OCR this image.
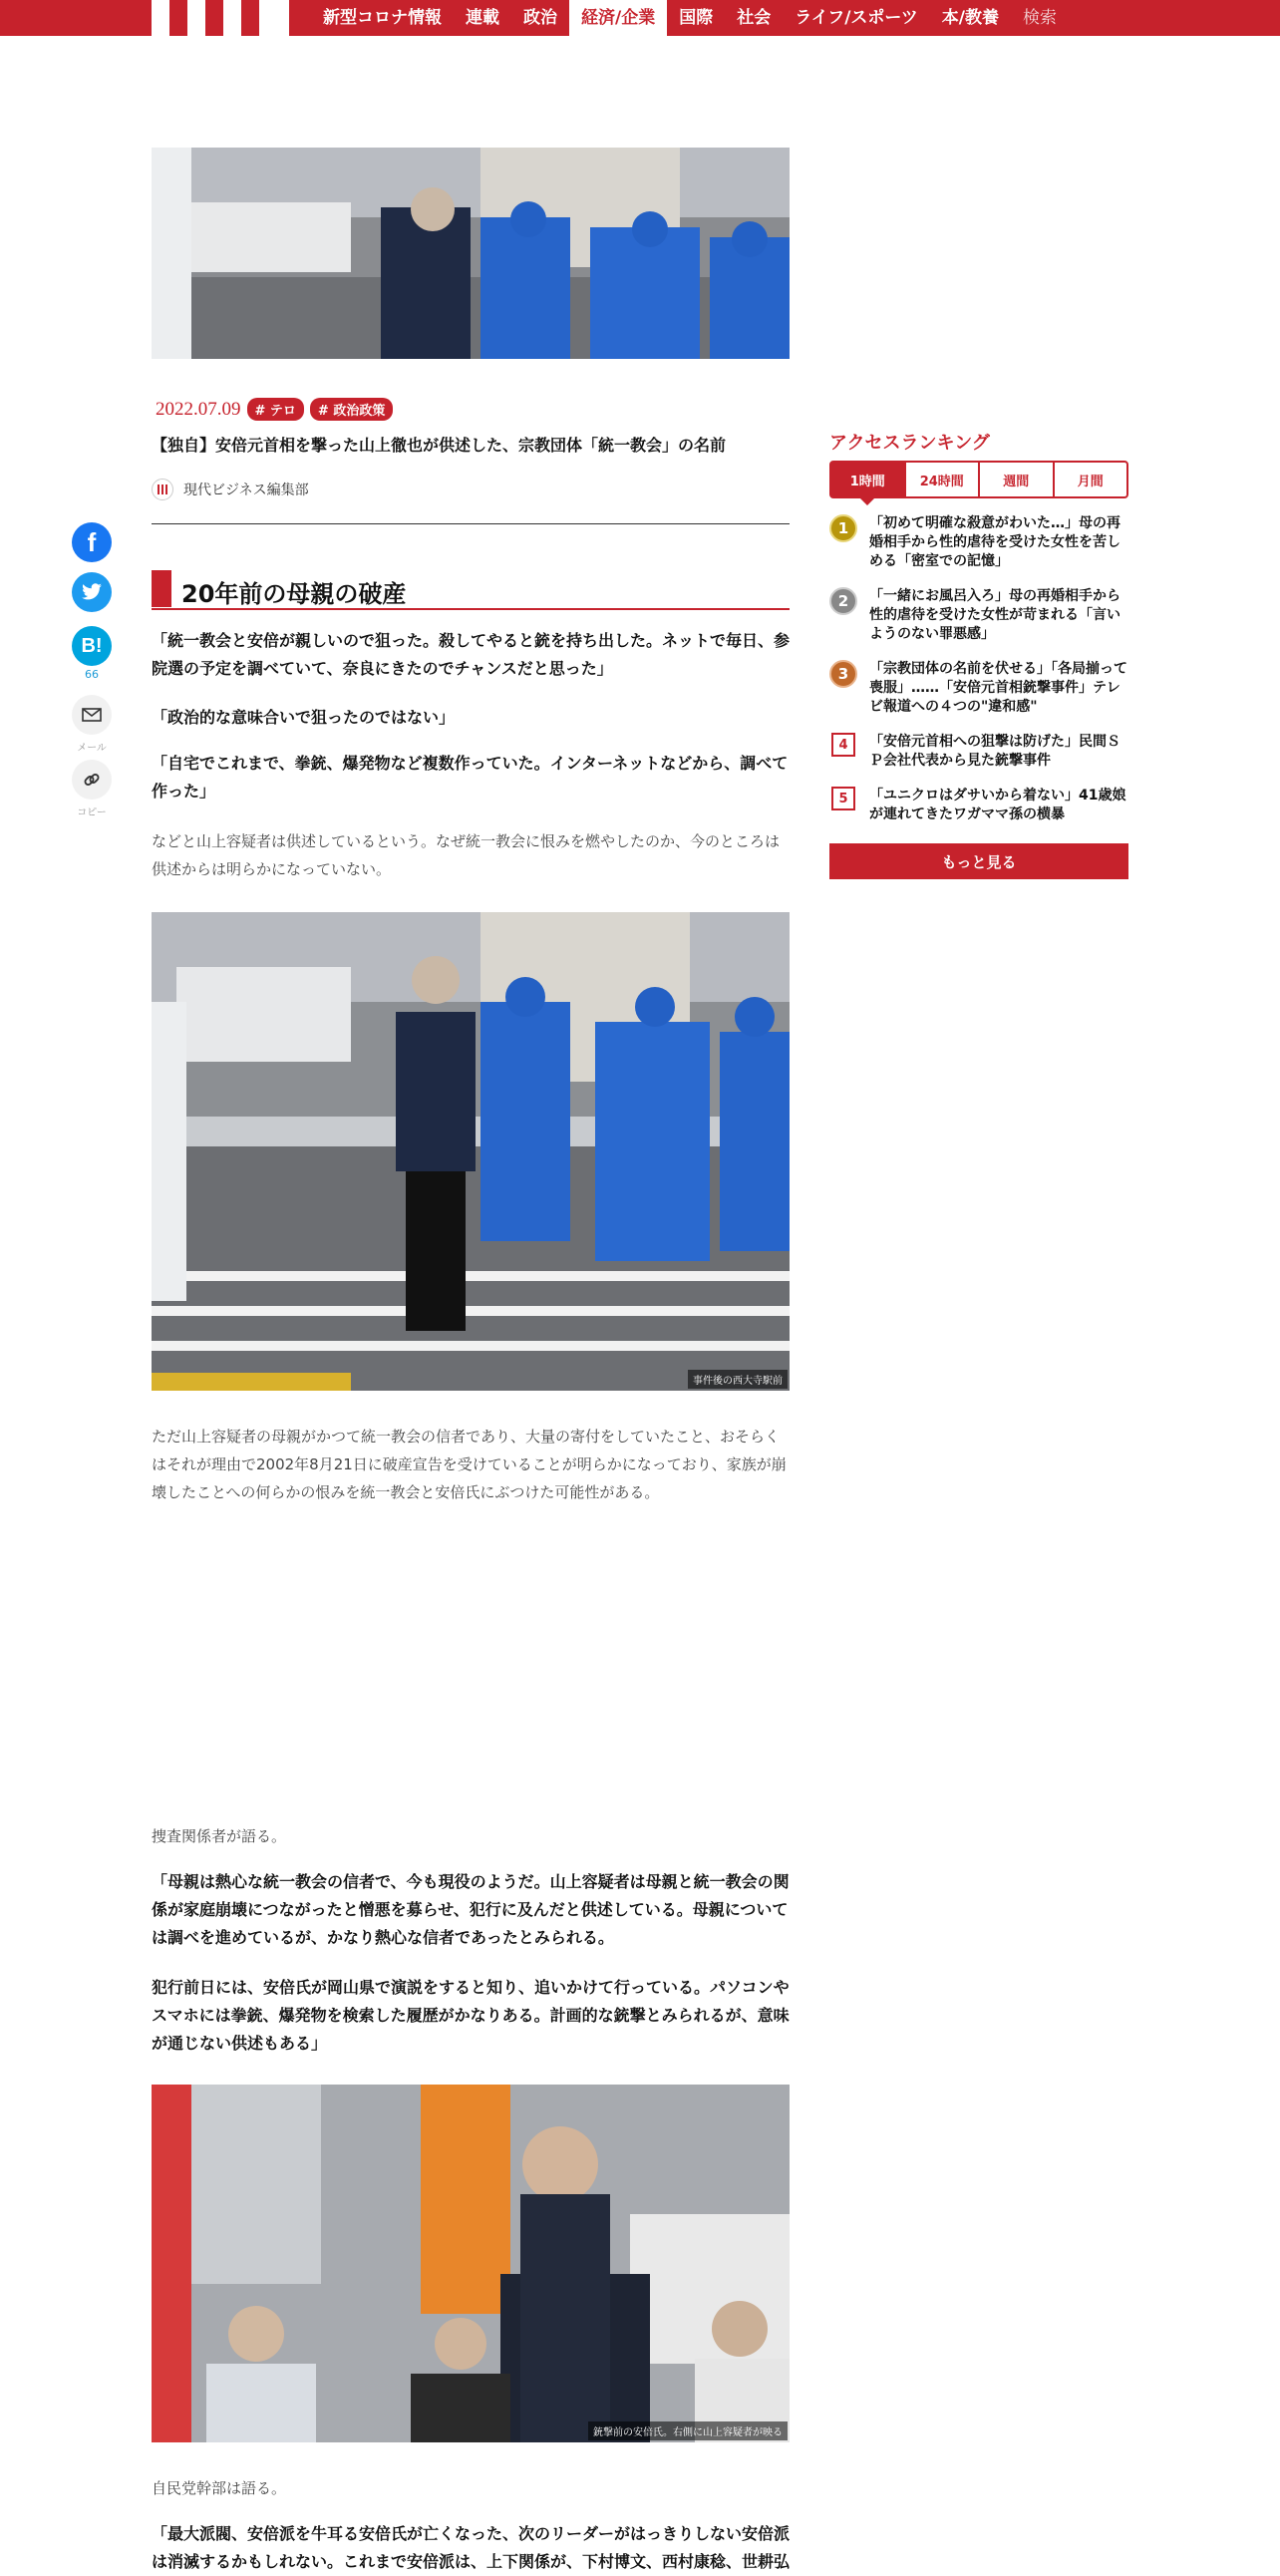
新型コロナ情報	連載	政治	経済/企業	国際	社会	ライフ/スポーツ	本/教養	検索
2022.07.09	# テロ	# 政治政策
【独自】安倍元首相を撃った山上徹也が供述した、宗教団体「統一教会」の名前
現代ビジネス編集部
f
B!
66
メール
コピー
20年前の母親の破産
「統一教会と安倍が親しいので狙った。殺してやると銃を持ち出した。ネットで毎日、参院選の予定を調べていて、奈良にきたのでチャンスだと思った」
「政治的な意味合いで狙ったのではない」
「自宅でこれまで、拳銃、爆発物など複数作っていた。インターネットなどから、調べて作った」
などと山上容疑者は供述しているという。なぜ統一教会に恨みを燃やしたのか、今のところは供述からは明らかになっていない。
事件後の西大寺駅前
ただ山上容疑者の母親がかつて統一教会の信者であり、大量の寄付をしていたこと、おそらくはそれが理由で2002年8月21日に破産宣告を受けていることが明らかになっており、家族が崩壊したことへの何らかの恨みを統一教会と安倍氏にぶつけた可能性がある。
捜査関係者が語る。
「母親は熱心な統一教会の信者で、今も現役のようだ。山上容疑者は母親と統一教会の関係が家庭崩壊につながったと憎悪を募らせ、犯行に及んだと供述している。母親については調べを進めているが、かなり熱心な信者であったとみられる。
犯行前日には、安倍氏が岡山県で演説をすると知り、追いかけて行っている。パソコンやスマホには拳銃、爆発物を検索した履歴がかなりある。計画的な銃撃とみられるが、意味が通じない供述もある」
銃撃前の安倍氏。右側に山上容疑者が映る
自民党幹部は語る。
「最大派閥、安倍派を牛耳る安倍氏が亡くなった、次のリーダーがはっきりしない安倍派は消滅するかもしれない。これまで安倍派は、上下関係が、下村博文、西村康稔、世耕弘
アクセスランキング
1時間	24時間	週間	月間
1	「初めて明確な殺意がわいた…」母の再婚相手から性的虐待を受けた女性を苦しめる「密室での記憶」
2	「一緒にお風呂入ろ」母の再婚相手から性的虐待を受けた女性が苛まれる「言いようのない罪悪感」
3	「宗教団体の名前を伏せる」「各局揃って喪服」……「安倍元首相銃撃事件」テレビ報道への４つの"違和感"
4	「安倍元首相への狙撃は防げた」民間ＳＰ会社代表から見た銃撃事件
5	「ユニクロはダサいから着ない」41歳娘が連れてきたワガママ孫の横暴
もっと見る
